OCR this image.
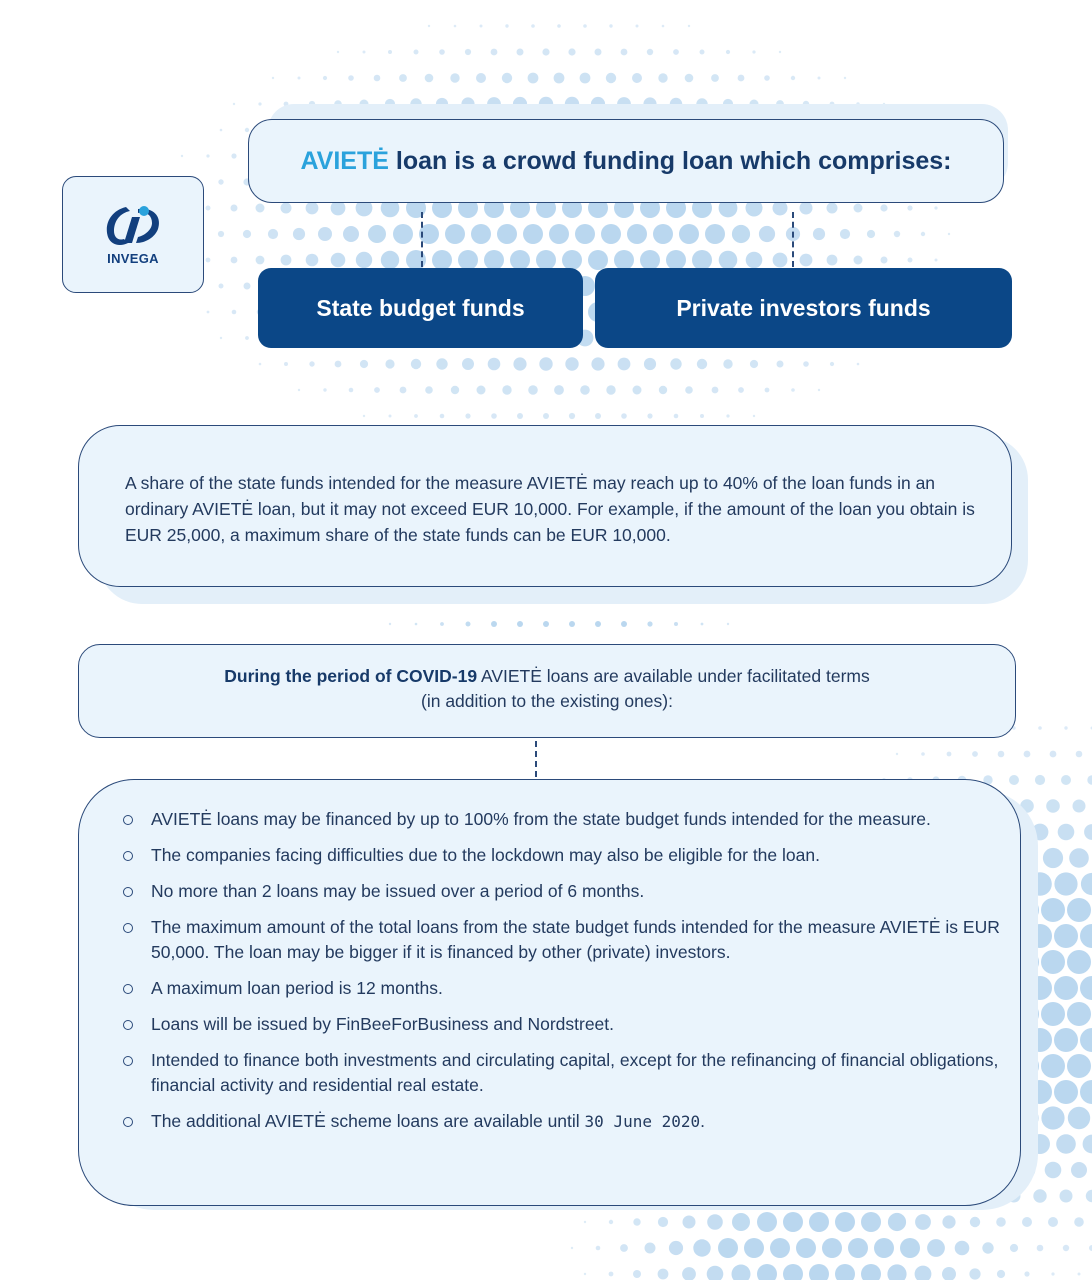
INVEGA
AVIETĖ loan is a crowd funding loan which comprises:
State budget funds	Private investors funds
A share of the state funds intended for the measure AVIETĖ may reach up to 40% of the loan funds in an ordinary AVIETĖ loan, but it may not exceed EUR 10,000. For example, if the amount of the loan you obtain is EUR 25,000, a maximum share of the state funds can be EUR 10,000.
During the period of COVID-19 AVIETĖ loans are available under facilitated terms
(in addition to the existing ones):
AVIETĖ loans may be financed by up to 100% from the state budget funds intended for the measure.
The companies facing difficulties due to the lockdown may also be eligible for the loan.
No more than 2 loans may be issued over a period of 6 months.
The maximum amount of the total loans from the state budget funds intended for the measure AVIETĖ is EUR 50,000. The loan may be bigger if it is financed by other (private) investors.
A maximum loan period is 12 months.
Loans will be issued by FinBeeForBusiness and Nordstreet.
Intended to finance both investments and circulating capital, except for the refinancing of financial obligations, financial activity and residential real estate.
The additional AVIETĖ scheme loans are available until 30 June 2020.
